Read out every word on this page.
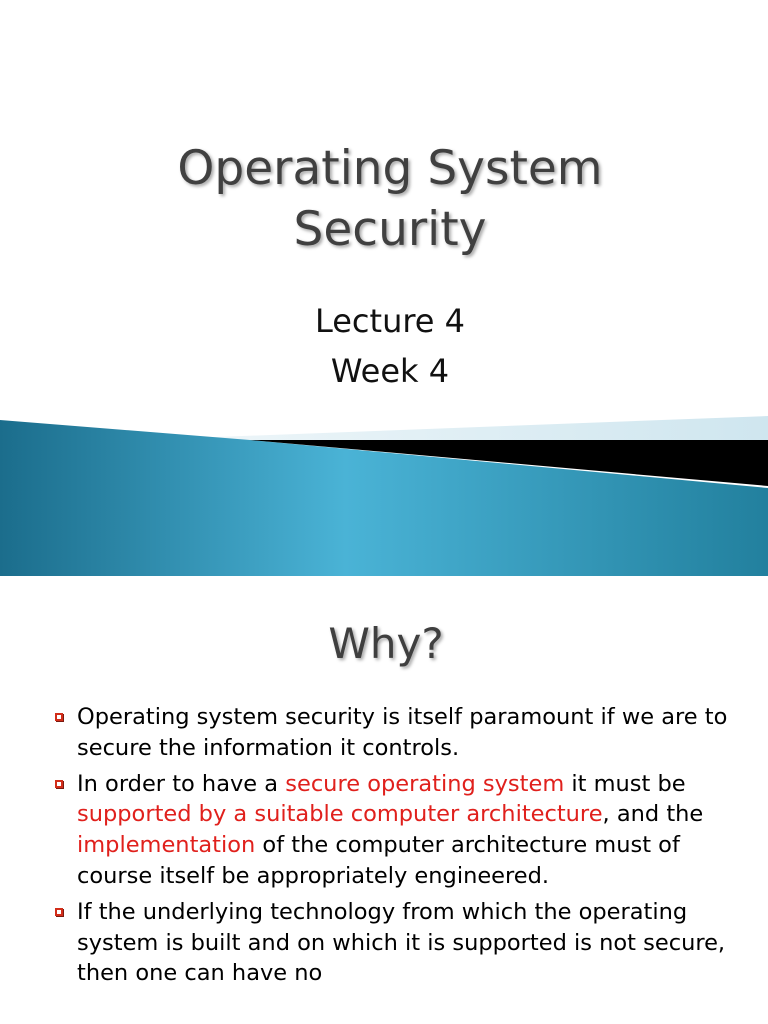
Operating System
Security
Lecture 4
Week 4
Why?
Operating system security is itself paramount if we are to secure the information it controls.
In order to have a secure operating system it must be supported by a suitable computer architecture, and the implementation of the computer architecture must of course itself be appropriately engineered.
If the underlying technology from which the operating system is built and on which it is supported is not secure, then one can have no
